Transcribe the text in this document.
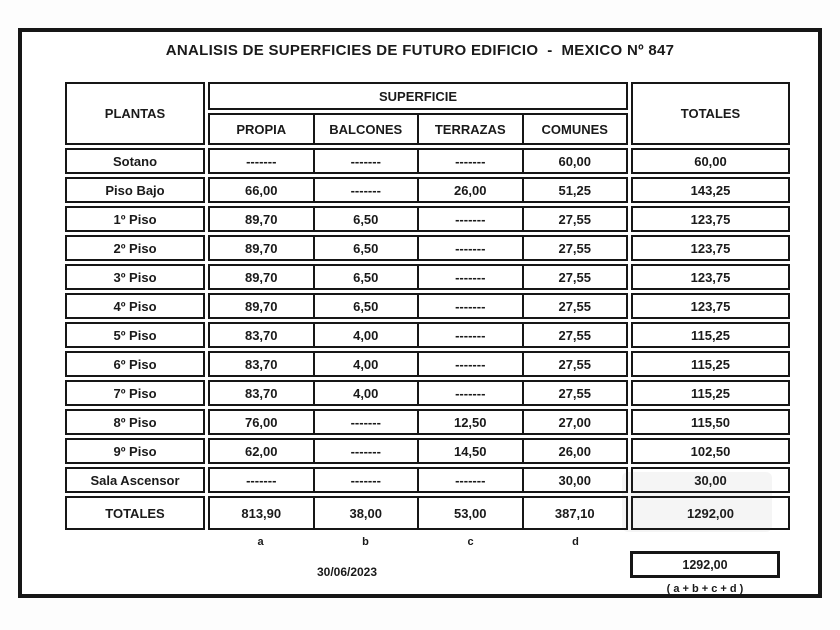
ANALISIS DE SUPERFICIES DE FUTURO EDIFICIO  -  MEXICO Nº 847
PLANTAS
SUPERFICIE
PROPIA	BALCONES	TERRAZAS	COMUNES
TOTALES
Sotano	-------	-------	-------	60,00	60,00
Piso Bajo	66,00	-------	26,00	51,25	143,25
1º Piso	89,70	6,50	-------	27,55	123,75
2º Piso	89,70	6,50	-------	27,55	123,75
3º Piso	89,70	6,50	-------	27,55	123,75
4º Piso	89,70	6,50	-------	27,55	123,75
5º Piso	83,70	4,00	-------	27,55	115,25
6º Piso	83,70	4,00	-------	27,55	115,25
7º Piso	83,70	4,00	-------	27,55	115,25
8º Piso	76,00	-------	12,50	27,00	115,50
9º Piso	62,00	-------	14,50	26,00	102,50
Sala Ascensor	-------	-------	-------	30,00	30,00
TOTALES	813,90	38,00	53,00	387,10	1292,00
a	b	c	d
30/06/2023
1292,00
( a + b + c + d )
